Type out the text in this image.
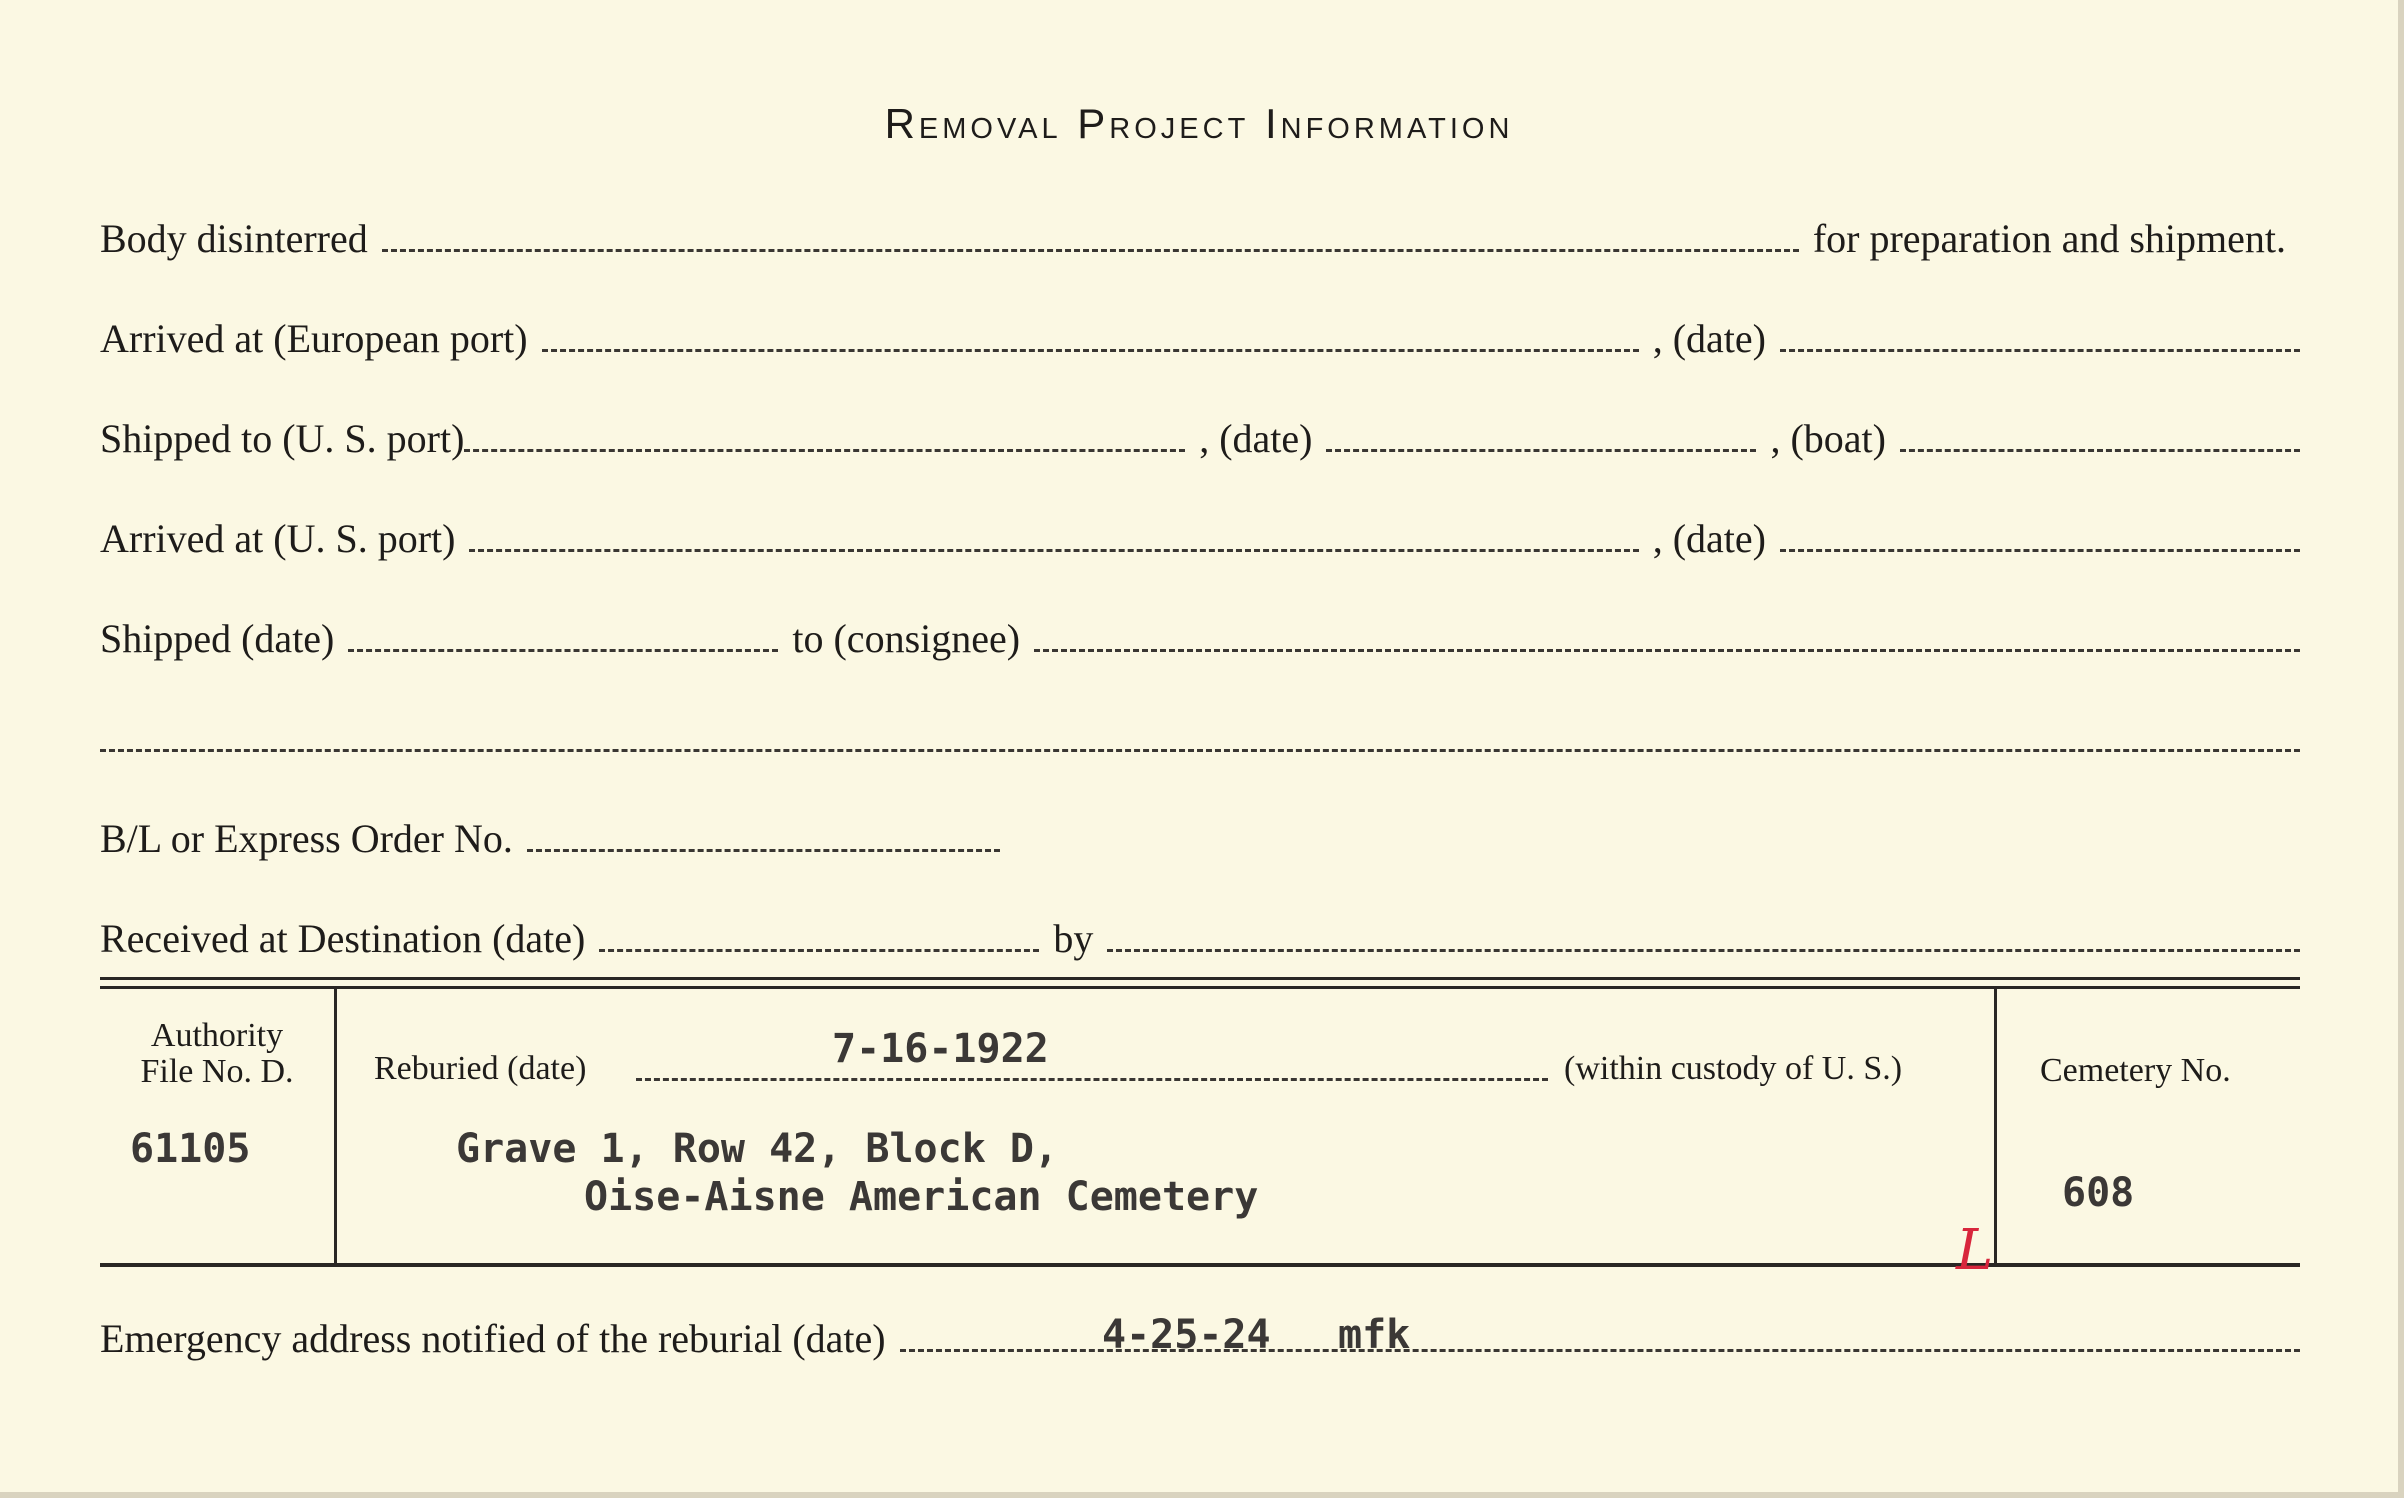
Removal Project Information
Body disinterred	for preparation and shipment.
Arrived at (European port)	, (date)
Shipped to (U. S. port)	, (date)	, (boat)
Arrived at (U. S. port)	, (date)
Shipped (date)	to (consignee)
B/L or Express Order No.
Received at Destination (date)	by
Authority
File No. D.
61105
Reburied (date)	7-16-1922	(within custody of U. S.)
Grave 1, Row 42, Block D,
Oise-Aisne American Cemetery
Cemetery No.
608
L
Emergency address notified of the reburial (date)	4-25-24 mfk
